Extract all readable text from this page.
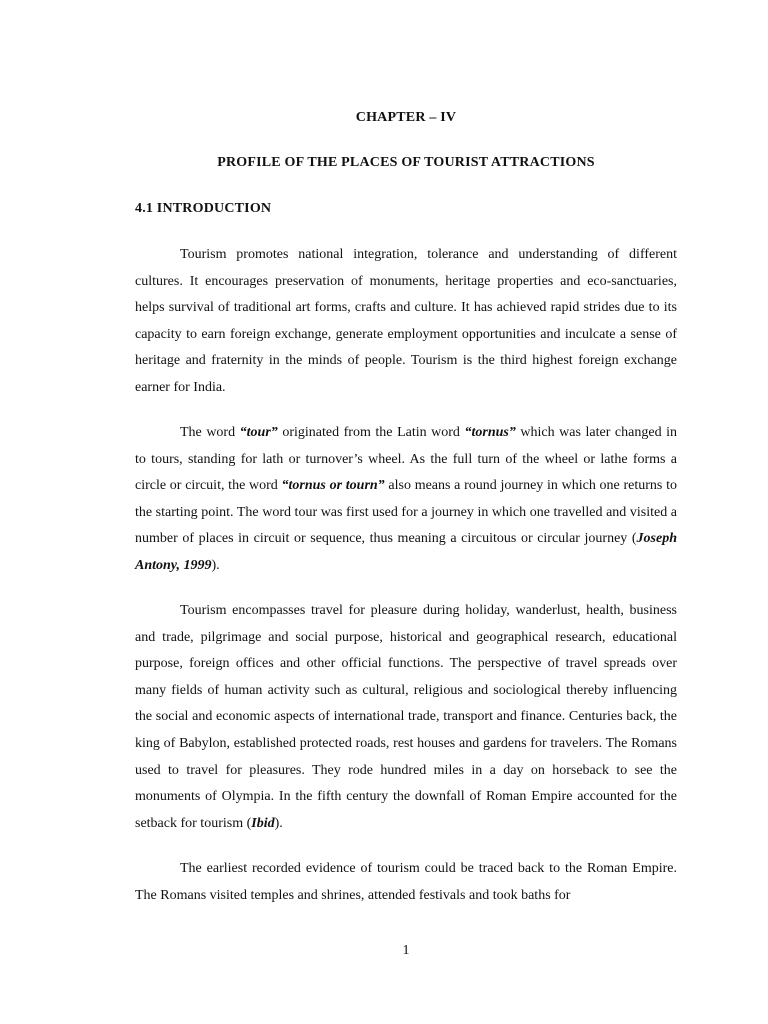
CHAPTER – IV
PROFILE OF THE PLACES OF TOURIST ATTRACTIONS
4.1 INTRODUCTION

Tourism promotes national integration, tolerance and understanding of different cultures. It encourages preservation of monuments, heritage properties and eco-sanctuaries, helps survival of traditional art forms, crafts and culture. It has achieved rapid strides due to its capacity to earn foreign exchange, generate employment opportunities and inculcate a sense of heritage and fraternity in the minds of people. Tourism is the third highest foreign exchange earner for India.

The word “tour” originated from the Latin word “tornus” which was later changed in to tours, standing for lath or turnover’s wheel. As the full turn of the wheel or lathe forms a circle or circuit, the word “tornus or tourn” also means a round journey in which one returns to the starting point. The word tour was first used for a journey in which one travelled and visited a number of places in circuit or sequence, thus meaning a circuitous or circular journey (Joseph Antony, 1999).

Tourism encompasses travel for pleasure during holiday, wanderlust, health, business and trade, pilgrimage and social purpose, historical and geographical research, educational purpose, foreign offices and other official functions. The perspective of travel spreads over many fields of human activity such as cultural, religious and sociological thereby influencing the social and economic aspects of international trade, transport and finance. Centuries back, the king of Babylon, established protected roads, rest houses and gardens for travelers. The Romans used to travel for pleasures. They rode hundred miles in a day on horseback to see the monuments of Olympia. In the fifth century the downfall of Roman Empire accounted for the setback for tourism (Ibid).

The earliest recorded evidence of tourism could be traced back to the Roman Empire. The Romans visited temples and shrines, attended festivals and took baths for

1
